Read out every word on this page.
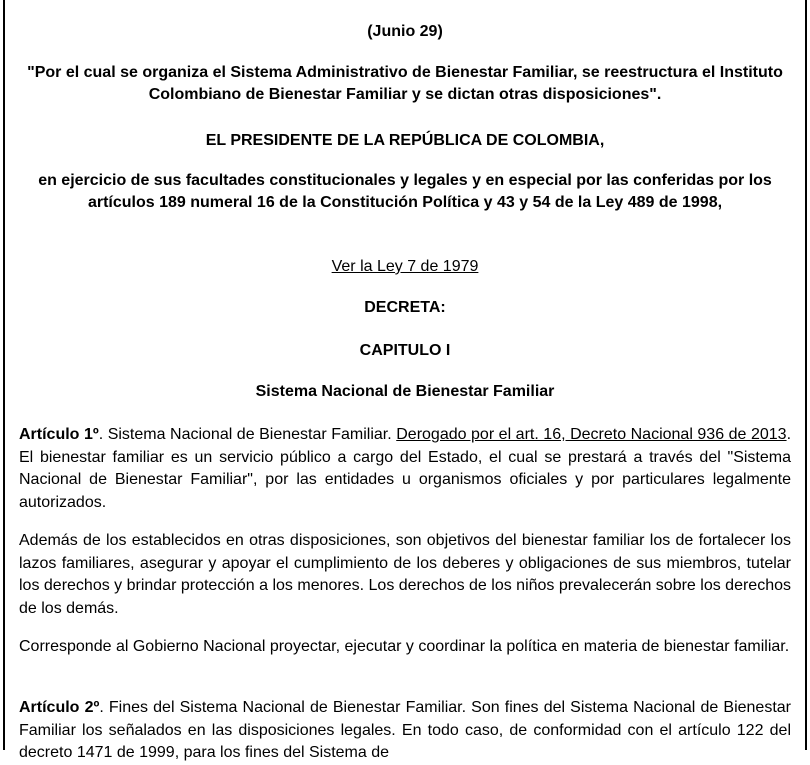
(Junio 29)
"Por el cual se organiza el Sistema Administrativo de Bienestar Familiar, se reestructura el Instituto Colombiano de Bienestar Familiar y se dictan otras disposiciones".
EL PRESIDENTE DE LA REPÚBLICA DE COLOMBIA,
en ejercicio de sus facultades constitucionales y legales y en especial por las conferidas por los artículos 189 numeral 16 de la Constitución Política y 43 y 54 de la Ley 489 de 1998,
Ver la Ley 7 de 1979
DECRETA:
CAPITULO I
Sistema Nacional de Bienestar Familiar
Artículo 1º. Sistema Nacional de Bienestar Familiar. Derogado por el art. 16, Decreto Nacional 936 de 2013. El bienestar familiar es un servicio público a cargo del Estado, el cual se prestará a través del "Sistema Nacional de Bienestar Familiar", por las entidades u organismos oficiales y por particulares legalmente autorizados.
Además de los establecidos en otras disposiciones, son objetivos del bienestar familiar los de fortalecer los lazos familiares, asegurar y apoyar el cumplimiento de los deberes y obligaciones de sus miembros, tutelar los derechos y brindar protección a los menores. Los derechos de los niños prevalecerán sobre los derechos de los demás.
Corresponde al Gobierno Nacional proyectar, ejecutar y coordinar la política en materia de bienestar familiar.
Artículo 2º. Fines del Sistema Nacional de Bienestar Familiar. Son fines del Sistema Nacional de Bienestar Familiar los señalados en las disposiciones legales. En todo caso, de conformidad con el artículo 122 del decreto 1471 de 1999, para los fines del Sistema de
